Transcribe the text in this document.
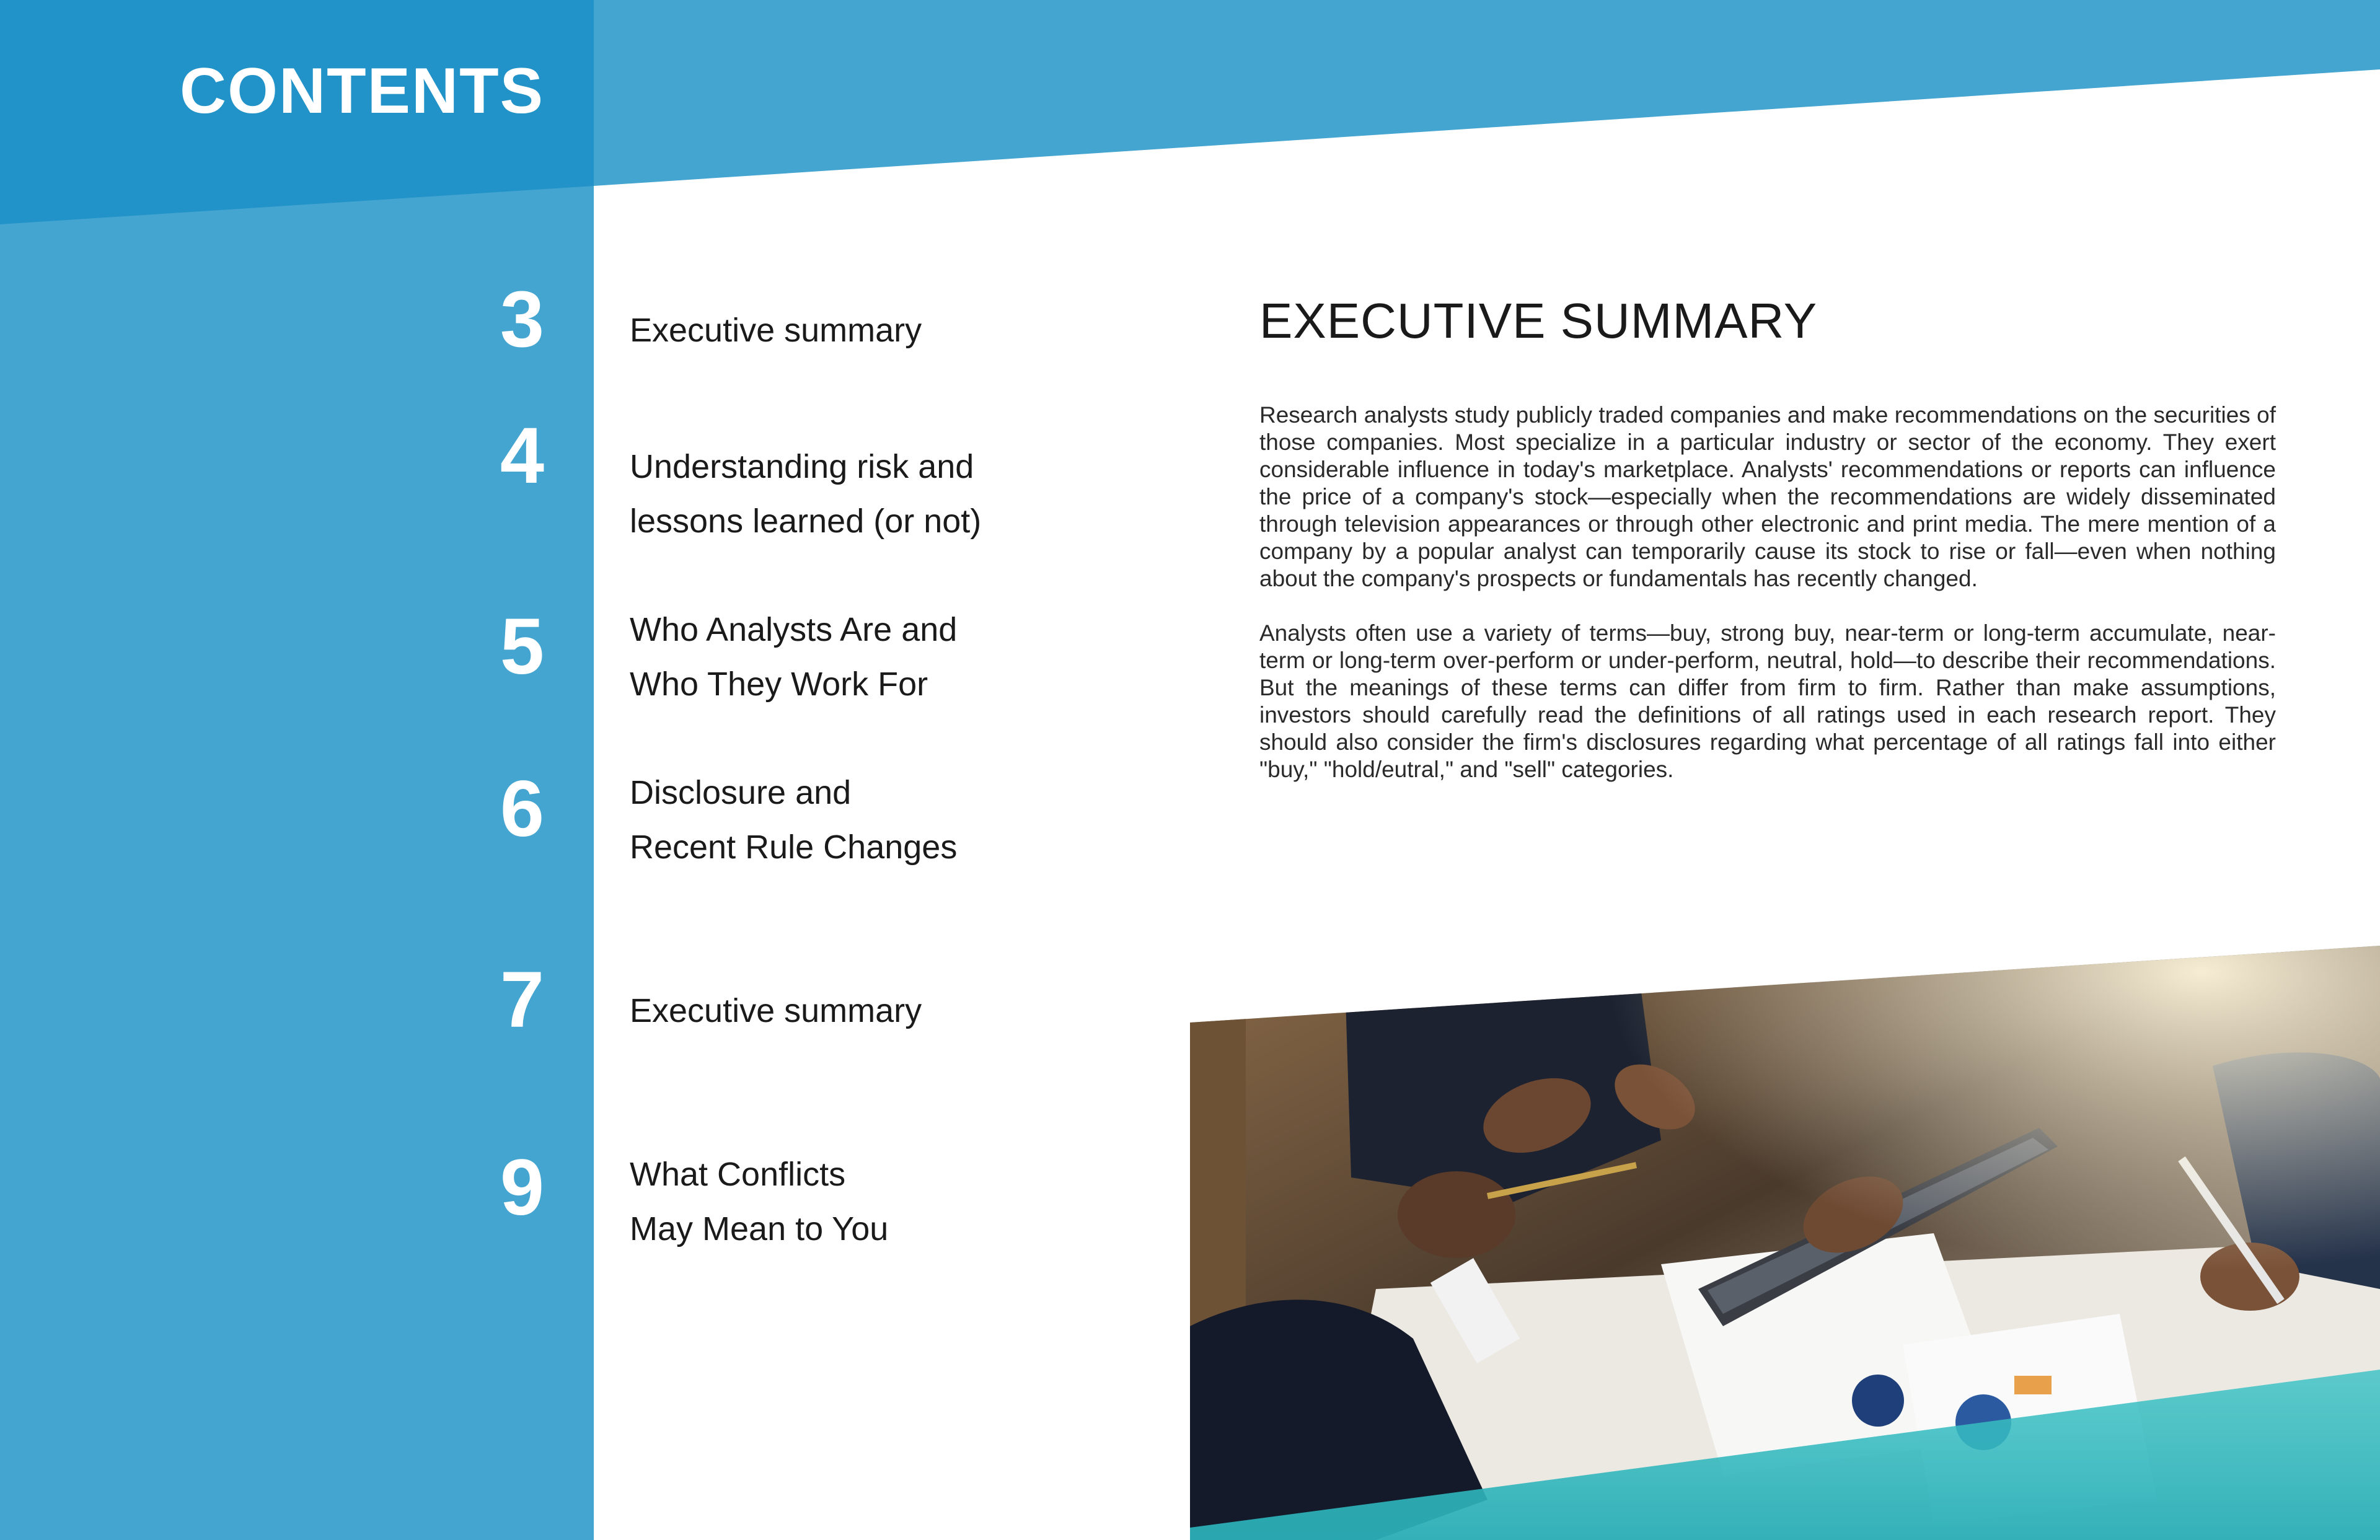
CONTENTS
3	Executive summary

4	Understanding risk and
lessons learned (or not)

5	Who Analysts Are and
Who They Work For

6	Disclosure and
Recent Rule Changes

7	Executive summary

9	What Conflicts
May Mean to You

EXECUTIVE SUMMARY

Research analysts study publicly traded companies and make recommendations on the securities of those companies. Most specialize in a particular industry or sector of the economy. They exert considerable influence in today's marketplace. Analysts' recommendations or reports can influence the price of a company's stock—especially when the recommendations are widely disseminated through television appearances or through other electronic and print media. The mere mention of a company by a popular analyst can temporarily cause its stock to rise or fall—even when nothing about the company's prospects or fundamentals has recently changed.

Analysts often use a variety of terms—buy, strong buy, near-term or long-term accumulate, near-term or long-term over-perform or under-perform, neutral, hold—to describe their recommendations. But the meanings of these terms can differ from firm to firm. Rather than make assumptions, investors should carefully read the definitions of all ratings used in each research report. They should also consider the firm's disclosures regarding what percentage of all ratings fall into either "buy," "hold/eutral," and "sell" categories.
